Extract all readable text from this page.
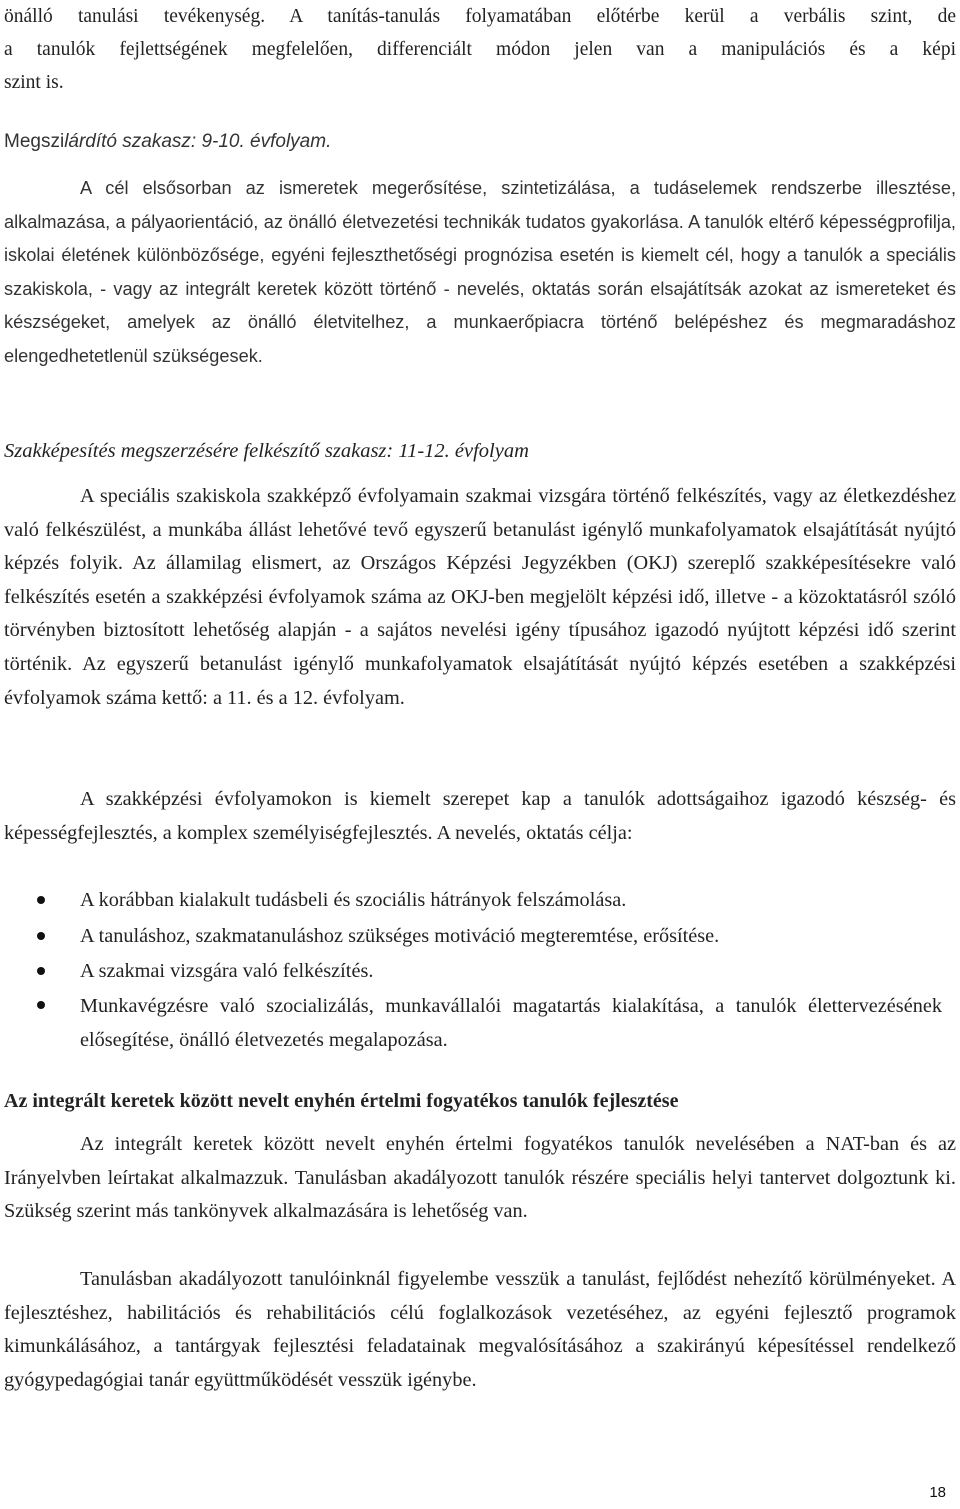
önálló tanulási tevékenység. A tanítás-tanulás folyamatában előtérbe kerül a verbális szint, de
a tanulók fejlettségének megfelelően, differenciált módon jelen van a manipulációs és a képi
szint is.
Megszilárdító szakasz: 9-10. évfolyam.
A cél elsősorban az ismeretek megerősítése, szintetizálása, a tudáselemek rendszerbe illesztése, alkalmazása, a pályaorientáció, az önálló életvezetési technikák tudatos gyakorlása. A tanulók eltérő képességprofilja, iskolai életének különbözősége, egyéni fejleszthetőségi prognózisa esetén is kiemelt cél, hogy a tanulók a speciális szakiskola, - vagy az integrált keretek között történő - nevelés, oktatás során elsajátítsák azokat az ismereteket és készségeket, amelyek az önálló életvitelhez, a munkaerőpiacra történő belépéshez és megmaradáshoz elengedhetetlenül szükségesek.
Szakképesítés megszerzésére felkészítő szakasz: 11-12. évfolyam
A speciális szakiskola szakképző évfolyamain szakmai vizsgára történő felkészítés, vagy az életkezdéshez való felkészülést, a munkába állást lehetővé tevő egyszerű betanulást igénylő munkafolyamatok elsajátítását nyújtó képzés folyik. Az államilag elismert, az Országos Képzési Jegyzékben (OKJ) szereplő szakképesítésekre való felkészítés esetén a szakképzési évfolyamok száma az OKJ-ben megjelölt képzési idő, illetve - a közoktatásról szóló törvényben biztosított lehetőség alapján - a sajátos nevelési igény típusához igazodó nyújtott képzési idő szerint történik. Az egyszerű betanulást igénylő munkafolyamatok elsajátítását nyújtó képzés esetében a szakképzési évfolyamok száma kettő: a 11. és a 12. évfolyam.
A szakképzési évfolyamokon is kiemelt szerepet kap a tanulók adottságaihoz igazodó készség- és képességfejlesztés, a komplex személyiségfejlesztés. A nevelés, oktatás célja:
A korábban kialakult tudásbeli és szociális hátrányok felszámolása.
A tanuláshoz, szakmatanuláshoz szükséges motiváció megteremtése, erősítése.
A szakmai vizsgára való felkészítés.
Munkavégzésre való szocializálás, munkavállalói magatartás kialakítása, a tanulók élettervezésének elősegítése, önálló életvezetés megalapozása.
Az integrált keretek között nevelt enyhén értelmi fogyatékos tanulók fejlesztése
Az integrált keretek között nevelt enyhén értelmi fogyatékos tanulók nevelésében a NAT-ban és az Irányelvben leírtakat alkalmazzuk. Tanulásban akadályozott tanulók részére speciális helyi tantervet dolgoztunk ki. Szükség szerint más tankönyvek alkalmazására is lehetőség van.
Tanulásban akadályozott tanulóinknál figyelembe vesszük a tanulást, fejlődést nehezítő körülményeket. A fejlesztéshez, habilitációs és rehabilitációs célú foglalkozások vezetéséhez, az egyéni fejlesztő programok kimunkálásához, a tantárgyak fejlesztési feladatainak megvalósításához a szakirányú képesítéssel rendelkező gyógypedagógiai tanár együttműködését vesszük igénybe.
18
